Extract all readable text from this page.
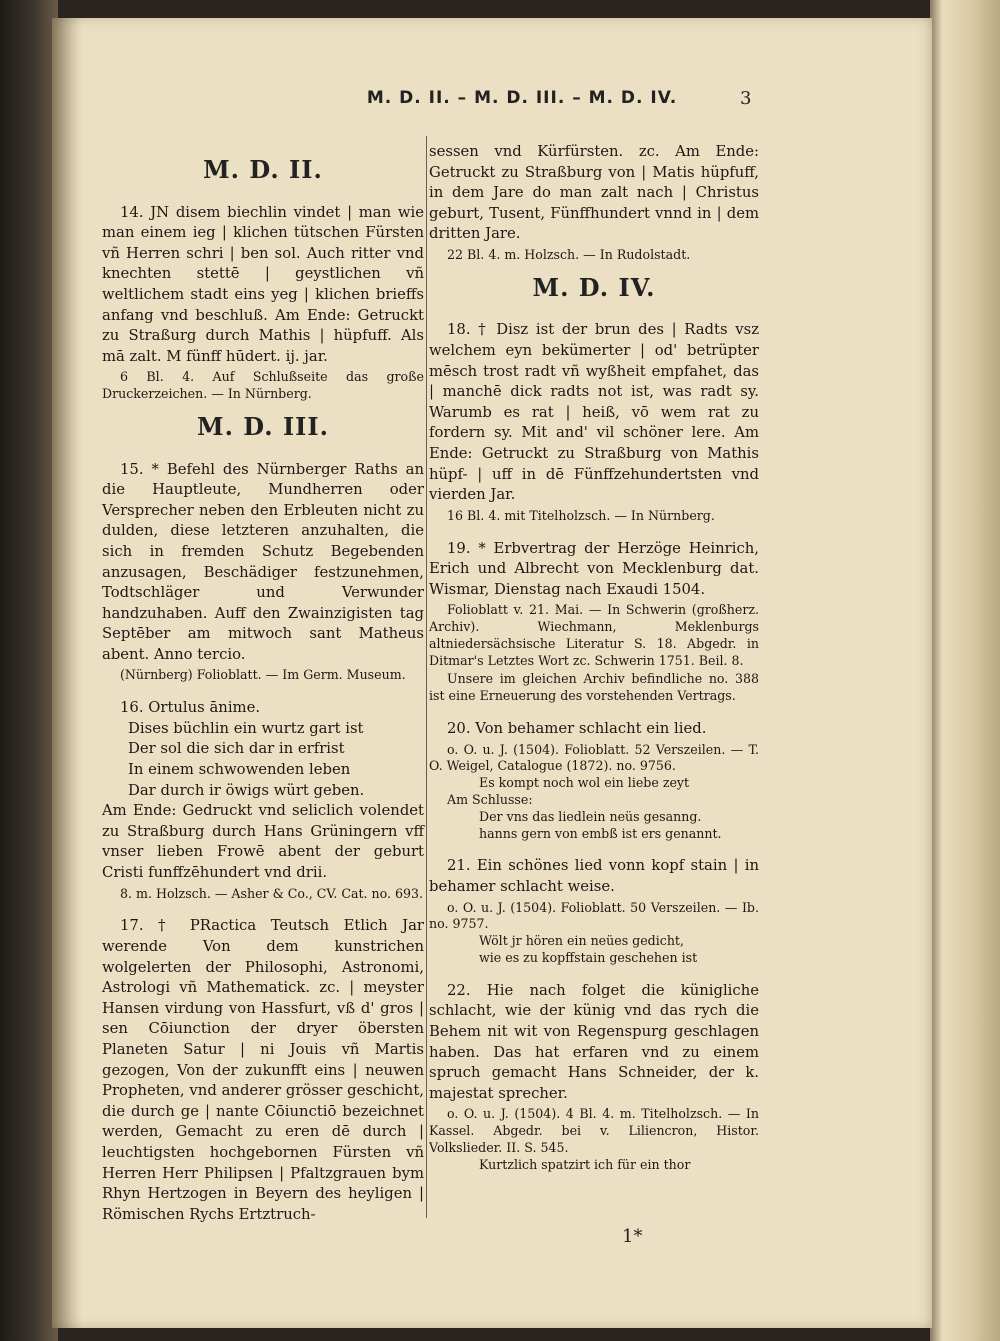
M. D. II. – M. D. III. – M. D. IV.	3
M. D. II.

14. JN disem biechlin vindet | man wie man einem ieg | klichen tütschen Fürsten vñ Herren schri | ben sol. Auch ritter vnd knechten stettē | geystlichen vñ weltlichem stadt eins yeg | klichen brieffs anfang vnd beschluß. Am Ende: Getruckt zu Straßurg durch Mathis | hüpfuff. Als mā zalt. M fünff hūdert. ij. jar.

6 Bl. 4. Auf Schlußseite das große Druckerzeichen. — In Nürnberg.

M. D. III.

15. * Befehl des Nürnberger Raths an die Hauptleute, Mundherren oder Versprecher neben den Erbleuten nicht zu dulden, diese letzteren anzuhalten, die sich in fremden Schutz Begebenden anzusagen, Beschädiger festzunehmen, Todtschläger und Verwunder handzuhaben. Auff den Zwainzigisten tag Septēber am mitwoch sant Matheus abent. Anno tercio.

(Nürnberg) Folioblatt. — Im Germ. Museum.

16. Ortulus ānime.

Dises büchlin ein wurtz gart ist
Der sol die sich dar in erfrist
In einem schwowenden leben
Dar durch ir öwigs würt geben.

Am Ende: Gedruckt vnd seliclich volendet zu Straßburg durch Hans Grüningern vff vnser lieben Frowē abent der geburt Cristi funffzēhundert vnd drii.

8. m. Holzsch. — Asher & Co., CV. Cat. no. 693.

17. † PRactica Teutsch Etlich Jar werende Von dem kunstrichen wolgelerten der Philosophi, Astronomi, Astrologi vñ Mathematick. zc. | meyster Hansen virdung von Hassfurt, vß d' gros | sen Cōiunction der dryer öbersten Planeten Satur | ni Jouis vñ Martis gezogen, Von der zukunfft eins | neuwen Propheten, vnd anderer grösser geschicht, die durch ge | nante Cōiunctiō bezeichnet werden, Gemacht zu eren dē durch | leuchtigsten hochgebornen Fürsten vñ Herren Herr Philipsen | Pfaltzgrauen bym Rhyn Hertzogen in Beyern des heyligen | Römischen Rychs Ertztruch-

sessen vnd Kürfürsten. zc. Am Ende: Getruckt zu Straßburg von | Matis hüpfuff, in dem Jare do man zalt nach | Christus geburt, Tusent, Fünffhundert vnnd in | dem dritten Jare.

22 Bl. 4. m. Holzsch. — In Rudolstadt.

M. D. IV.

18. † Disz ist der brun des | Radts vsz welchem eyn bekümerter | od' betrüpter mēsch trost radt vñ wyßheit empfahet, das | manchē dick radts not ist, was radt sy. Warumb es rat | heiß, vō wem rat zu fordern sy. Mit and' vil schöner lere. Am Ende: Getruckt zu Straßburg von Mathis hüpf- | uff in dē Fünffzehundertsten vnd vierden Jar.

16 Bl. 4. mit Titelholzsch. — In Nürnberg.

19. * Erbvertrag der Herzöge Heinrich, Erich und Albrecht von Mecklenburg dat. Wismar, Dienstag nach Exaudi 1504.

Folioblatt v. 21. Mai. — In Schwerin (großherz. Archiv). Wiechmann, Meklenburgs altniedersächsische Literatur S. 18. Abgedr. in Ditmar's Letztes Wort zc. Schwerin 1751. Beil. 8.

Unsere im gleichen Archiv befindliche no. 388 ist eine Erneuerung des vorstehenden Vertrags.

20. Von behamer schlacht ein lied.

o. O. u. J. (1504). Folioblatt. 52 Verszeilen. — T. O. Weigel, Catalogue (1872). no. 9756.

Es kompt noch wol ein liebe zeyt
Am Schlusse:
Der vns das liedlein neüs gesanng.
hanns gern von embß ist ers genannt.

21. Ein schönes lied vonn kopf stain | in behamer schlacht weise.

o. O. u. J. (1504). Folioblatt. 50 Verszeilen. — Ib. no. 9757.

Wölt jr hören ein neües gedicht,
wie es zu kopffstain geschehen ist

22. Hie nach folget die künigliche schlacht, wie der künig vnd das rych die Behem nit wit von Regenspurg geschlagen haben. Das hat erfaren vnd zu einem spruch gemacht Hans Schneider, der k. majestat sprecher.

o. O. u. J. (1504). 4 Bl. 4. m. Titelholzsch. — In Kassel. Abgedr. bei v. Liliencron, Histor. Volkslieder. II. S. 545.

Kurtzlich spatzirt ich für ein thor
1*
